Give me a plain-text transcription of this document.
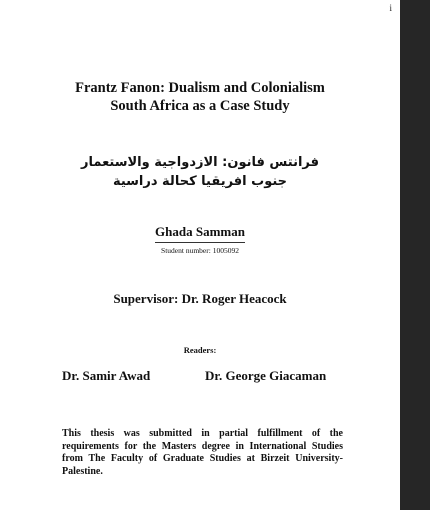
i
Frantz Fanon: Dualism and Colonialism
South Africa as a Case Study
فرانتس فانون: الازدواجية والاستعمار
جنوب افريقيا كحالة دراسية
Ghada Samman
Student number: 1005092
Supervisor: Dr. Roger Heacock
Readers:
Dr. Samir Awad	Dr. George Giacaman
This thesis was submitted in partial fulfillment of the requirements for the Masters degree in International Studies from The Faculty of Graduate Studies at Birzeit University- Palestine.
